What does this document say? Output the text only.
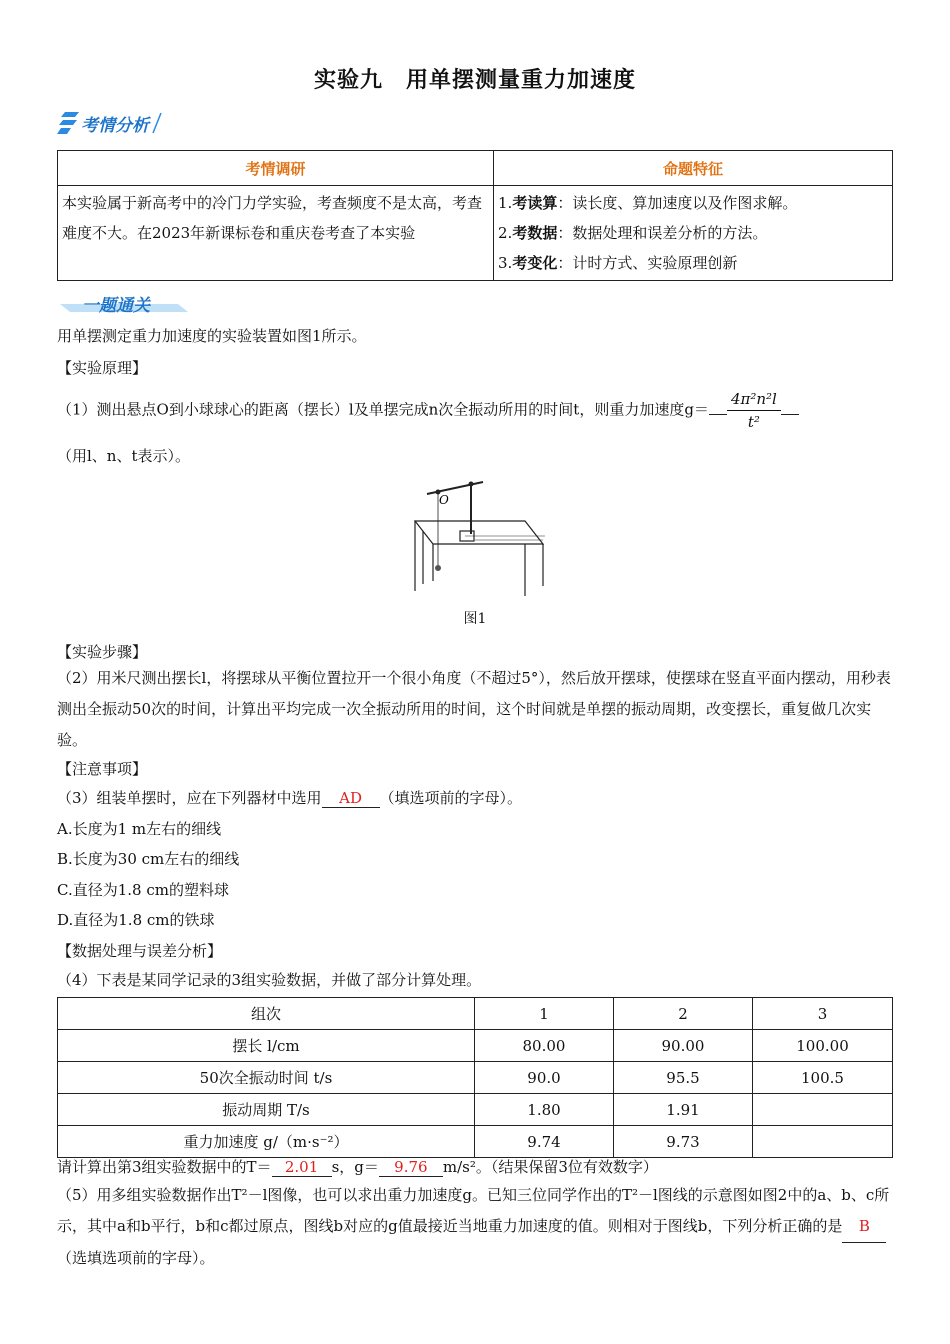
实验九　用单摆测量重力加速度
考情分析
考情调研	命题特征
本实验属于新高考中的冷门力学实验，考查频度不是太高，考查难度不大。在2023年新课标卷和重庆卷考查了本实验	1.考读算：读长度、算加速度以及作图求解。
2.考数据：数据处理和误差分析的方法。
3.考变化：计时方式、实验原理创新
一题通关
用单摆测定重力加速度的实验装置如图1所示。
【实验原理】
（1）测出悬点O到小球球心的距离（摆长）l及单摆完成n次全振动所用的时间t，则重力加速度$g= \frac{\text{4π²n²l}}{\text{t²}}$
（用l、n、t表示）。
O
图1
【实验步骤】
（2）用米尺测出摆长l，将摆球从平衡位置拉开一个很小角度（不超过5°），然后放开摆球，使摆球在竖直平面内摆动，用秒表测出全振动50次的时间，计算出平均完成一次全振动所用的时间，这个时间就是单摆的振动周期，改变摆长，重复做几次实验。
【注意事项】
（3）组装单摆时，应在下列器材中选用 AD （填选项前的字母）。
A.长度为1 m左右的细线
B.长度为30 cm左右的细线
C.直径为1.8 cm的塑料球
D.直径为1.8 cm的铁球
【数据处理与误差分析】
（4）下表是某同学记录的3组实验数据，并做了部分计算处理。
组次	1	2	3
摆长 l/cm	80.00	90.00	100.00
50次全振动时间 t/s	90.0	95.5	100.5
振动周期 T/s	1.80	1.91	
重力加速度 g/（m·s⁻²）	9.74	9.73	
请计算出第3组实验数据中的T＝ 2.01 s，g＝ 9.76 m/s²。（结果保留3位有效数字）
（5）用多组实验数据作出T²－l图像，也可以求出重力加速度g。已知三位同学作出的T²－l图线的示意图如图2中的a、b、c所示，其中a和b平行，b和c都过原点，图线b对应的g值最接近当地重力加速度的值。则相对于图线b，下列分析正确的是 B（选填选项前的字母）。
